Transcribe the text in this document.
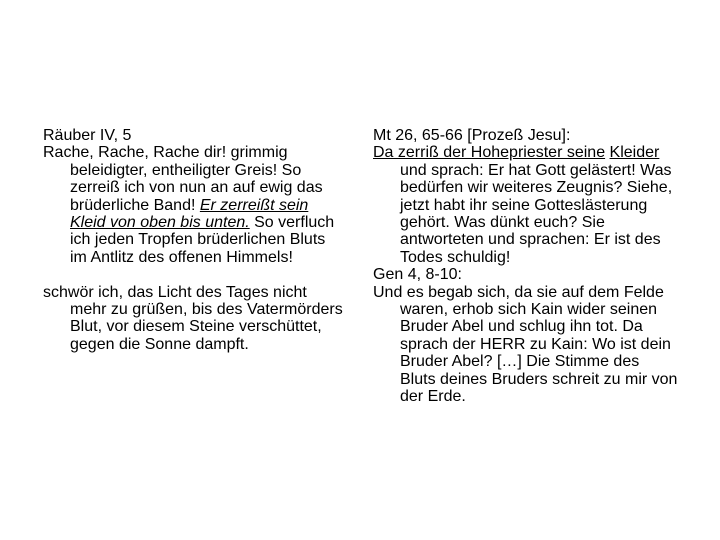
Räuber IV, 5

Rache, Rache, Rache dir! grimmig beleidigter, entheiligter Greis! So zerreiß ich von nun an auf ewig das brüderliche Band! Er zerreißt sein Kleid von oben bis unten. So verfluch ich jeden Tropfen brüderlichen Bluts im Antlitz des offenen Himmels!

schwör ich, das Licht des Tages nicht mehr zu grüßen, bis des Vatermörders Blut, vor diesem Steine verschüttet, gegen die Sonne dampft.

Mt 26, 65-66 [Prozeß Jesu]:

Da zerriß der Hohepriester seine Kleider und sprach: Er hat Gott gelästert! Was bedürfen wir weiteres Zeugnis? Siehe, jetzt habt ihr seine Gotteslästerung gehört. Was dünkt euch? Sie antworteten und sprachen: Er ist des Todes schuldig!

Gen 4, 8-10:

Und es begab sich, da sie auf dem Felde waren, erhob sich Kain wider seinen Bruder Abel und schlug ihn tot. Da sprach der HERR zu Kain: Wo ist dein Bruder Abel? […] Die Stimme des Bluts deines Bruders schreit zu mir von der Erde.
